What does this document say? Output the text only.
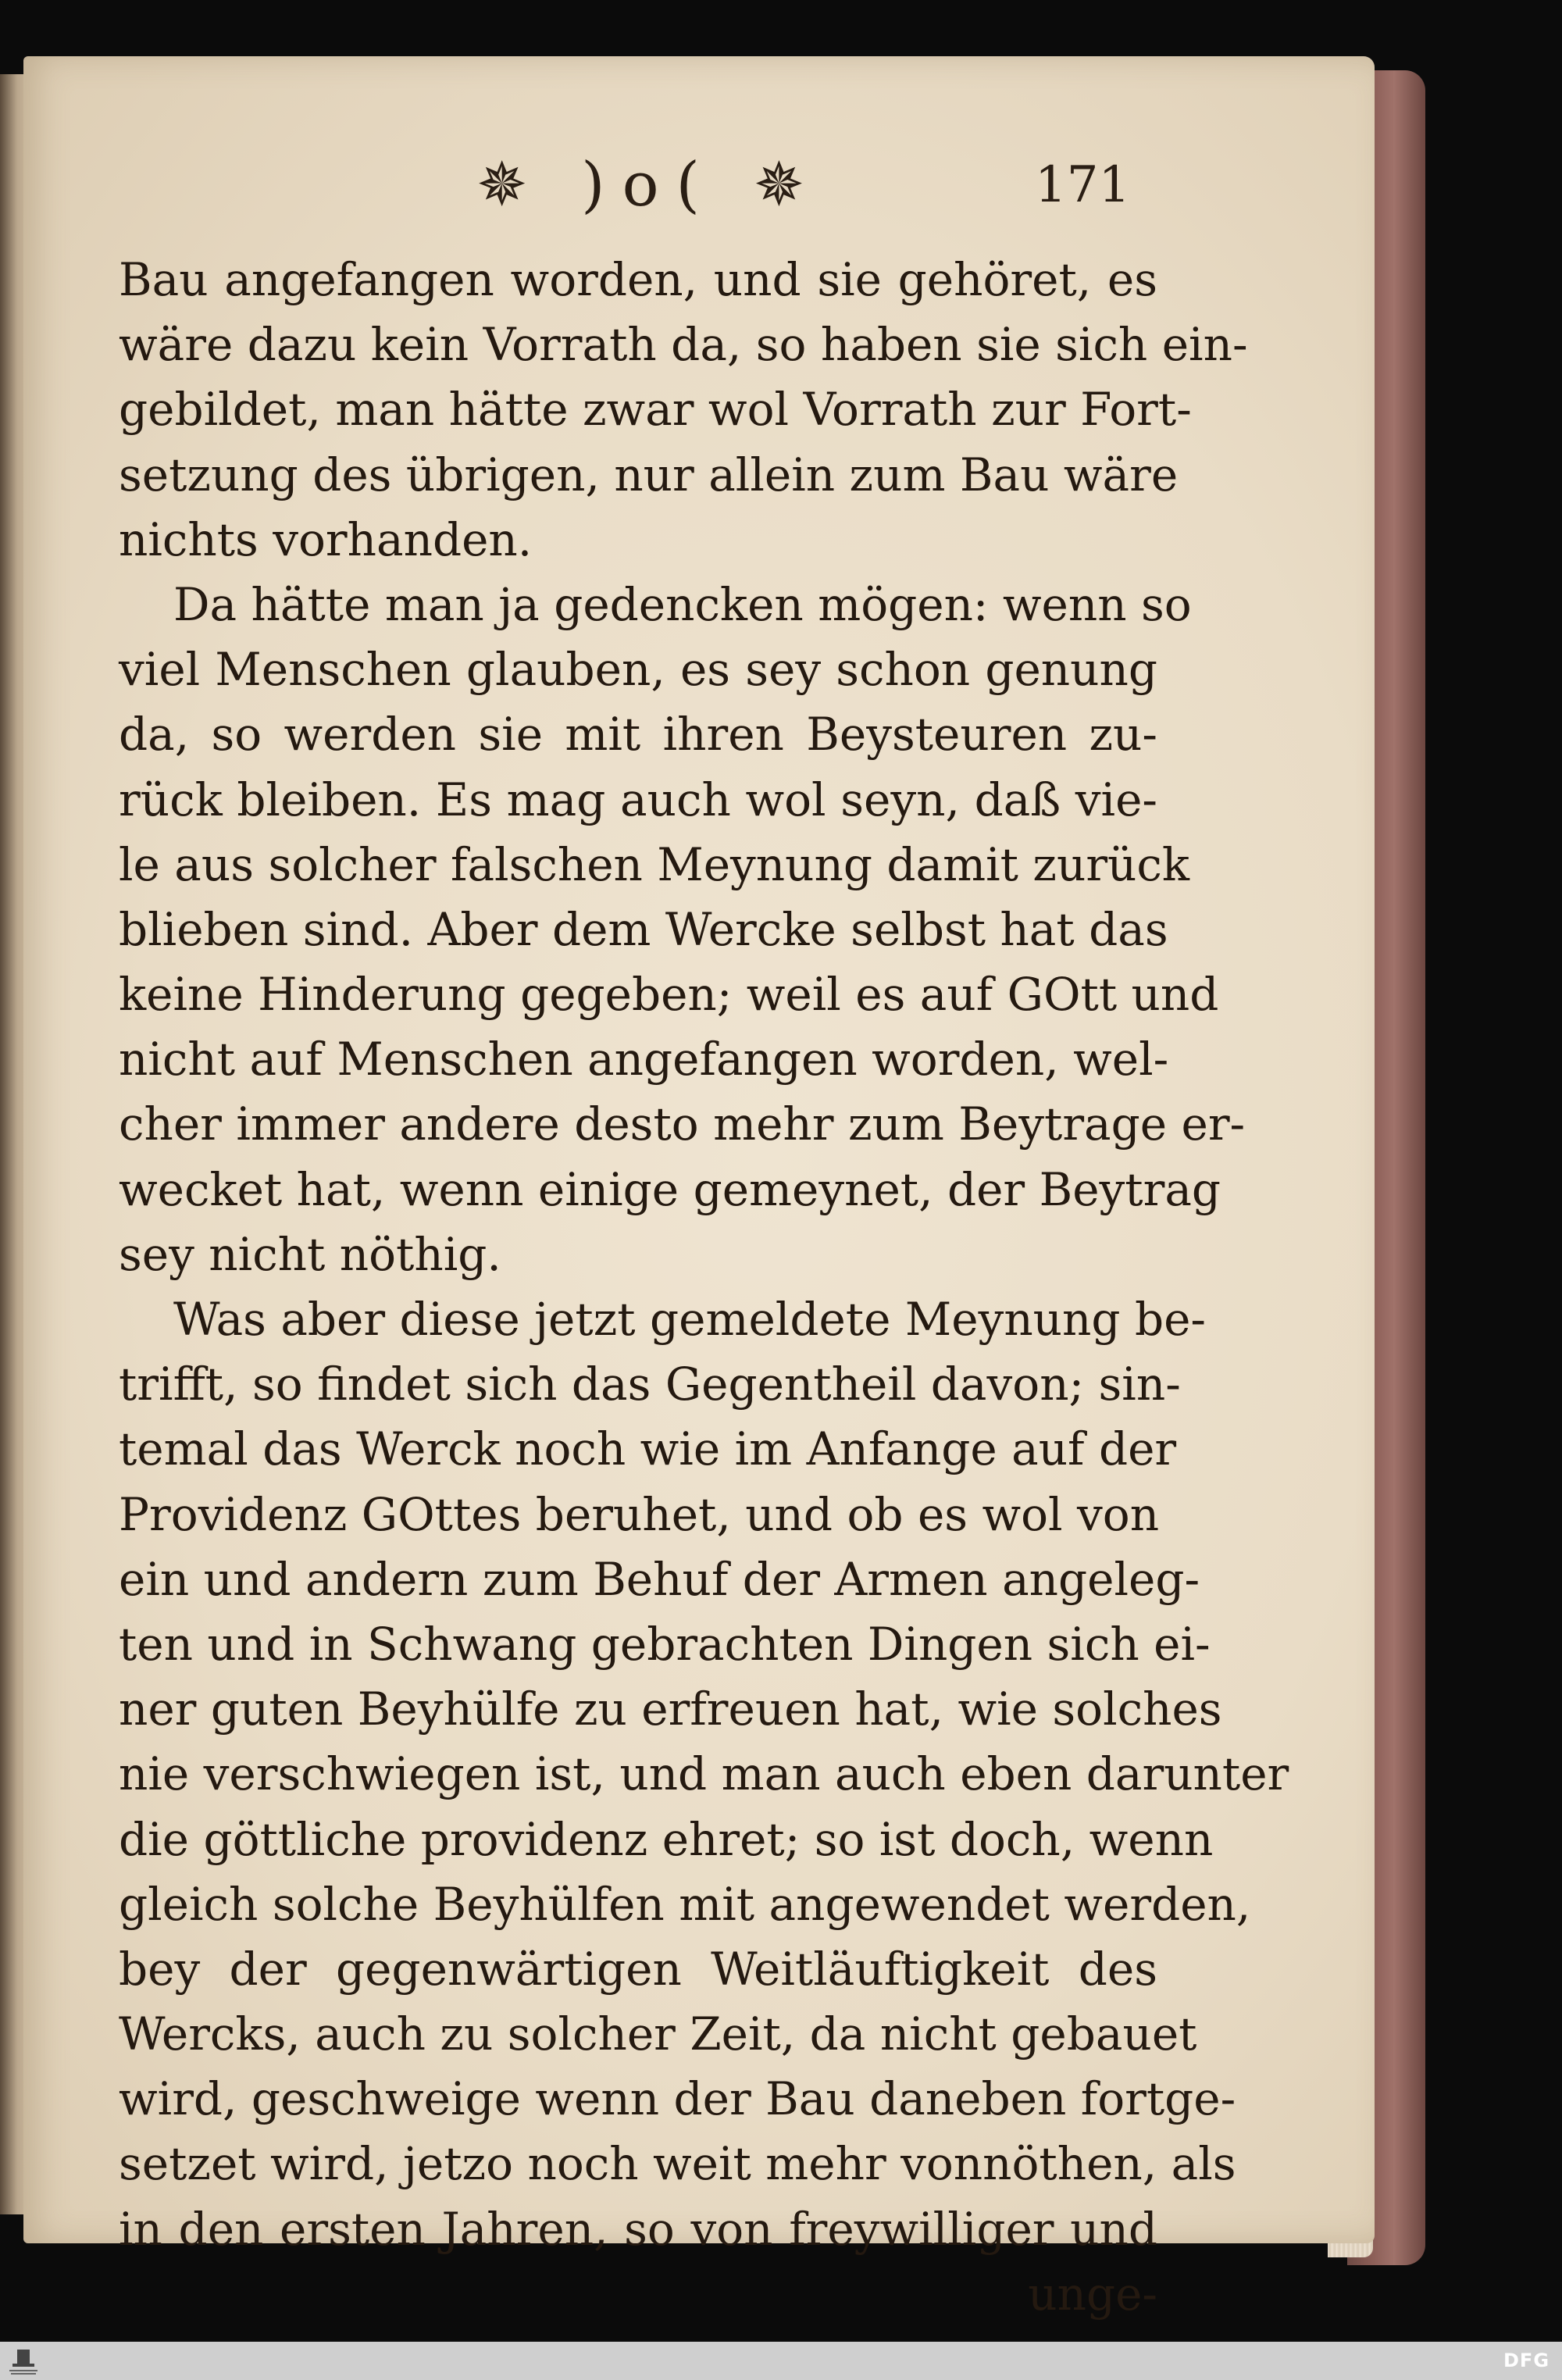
✵ )o( ✵	171
Bau angefangen worden, und sie gehöret, es
wäre dazu kein Vorrath da, so haben sie sich ein-
gebildet, man hätte zwar wol Vorrath zur Fort-
setzung des übrigen, nur allein zum Bau wäre
nichts vorhanden.
Da hätte man ja gedencken mögen: wenn so
viel Menschen glauben, es sey schon genung
da, so werden sie mit ihren Beysteuren zu-
rück bleiben. Es mag auch wol seyn, daß vie-
le aus solcher falschen Meynung damit zurück
blieben sind. Aber dem Wercke selbst hat das
keine Hinderung gegeben; weil es auf GOtt und
nicht auf Menschen angefangen worden, wel-
cher immer andere desto mehr zum Beytrage er-
wecket hat, wenn einige gemeynet, der Beytrag
sey nicht nöthig.
Was aber diese jetzt gemeldete Meynung be-
trifft, so findet sich das Gegentheil davon; sin-
temal das Werck noch wie im Anfange auf der
Providenz GOttes beruhet, und ob es wol von
ein und andern zum Behuf der Armen angeleg-
ten und in Schwang gebrachten Dingen sich ei-
ner guten Beyhülfe zu erfreuen hat, wie solches
nie verschwiegen ist, und man auch eben darunter
die göttliche providenz ehret; so ist doch, wenn
gleich solche Beyhülfen mit angewendet werden,
bey der gegenwärtigen Weitläuftigkeit des
Wercks, auch zu solcher Zeit, da nicht gebauet
wird, geschweige wenn der Bau daneben fortge-
setzet wird, jetzo noch weit mehr vonnöthen, als
in den ersten Jahren, so von freywilliger und
unge-
DFG
